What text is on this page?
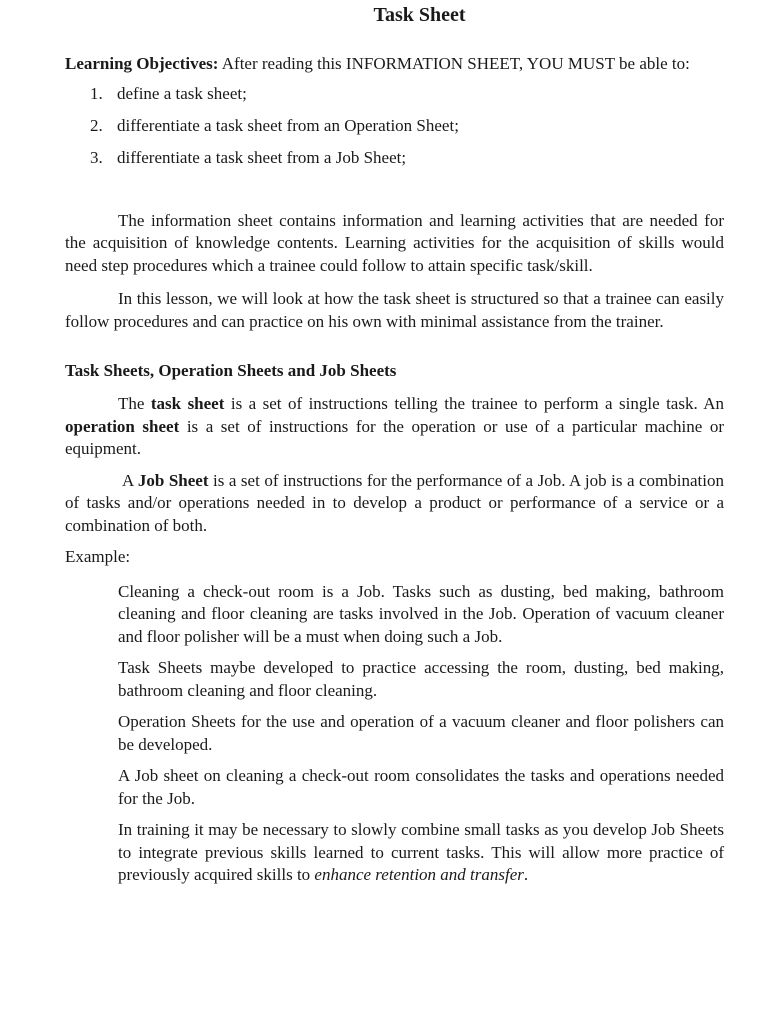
Task Sheet

Learning Objectives: After reading this INFORMATION SHEET, YOU MUST be able to:

1. define a task sheet;
2. differentiate a task sheet from an Operation Sheet;
3. differentiate a task sheet from a Job Sheet;

The information sheet contains information and learning activities that are needed for the acquisition of knowledge contents. Learning activities for the acquisition of skills would need step procedures which a trainee could follow to attain specific task/skill.

In this lesson, we will look at how the task sheet is structured so that a trainee can easily follow procedures and can practice on his own with minimal assistance from the trainer.

Task Sheets, Operation Sheets and Job Sheets

The task sheet is a set of instructions telling the trainee to perform a single task. An operation sheet is a set of instructions for the operation or use of a particular machine or equipment.

A Job Sheet is a set of instructions for the performance of a Job. A job is a combination of tasks and/or operations needed in to develop a product or performance of a service or a combination of both.

Example:

Cleaning a check-out room is a Job. Tasks such as dusting, bed making, bathroom cleaning and floor cleaning are tasks involved in the Job. Operation of vacuum cleaner and floor polisher will be a must when doing such a Job.

Task Sheets maybe developed to practice accessing the room, dusting, bed making, bathroom cleaning and floor cleaning.

Operation Sheets for the use and operation of a vacuum cleaner and floor polishers can be developed.

A Job sheet on cleaning a check-out room consolidates the tasks and operations needed for the Job.

In training it may be necessary to slowly combine small tasks as you develop Job Sheets to integrate previous skills learned to current tasks. This will allow more practice of previously acquired skills to enhance retention and transfer.
